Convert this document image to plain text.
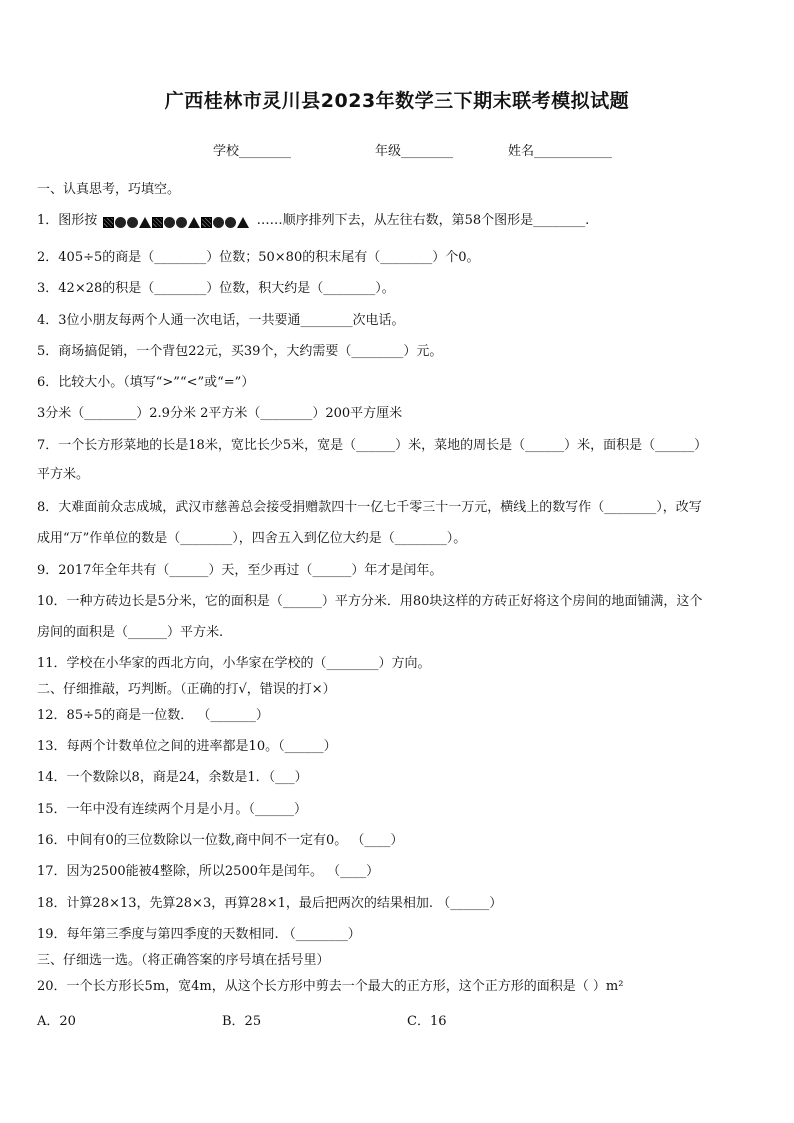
广西桂林市灵川县2023年数学三下期末联考模拟试题
学校________	年级________	姓名____________
一、认真思考，巧填空。
1．图形按	……顺序排列下去，从左往右数，第58个图形是________.
2．405÷5的商是（________）位数；50×80的积末尾有（________）个0。
3．42×28的积是（________）位数，积大约是（________）。
4．3位小朋友每两个人通一次电话，一共要通________次电话。
5．商场搞促销，一个背包22元，买39个，大约需要（________）元。
6．比较大小。（填写“>”“<”或“=”）
3分米（________）2.9分米 2平方米（________）200平方厘米
7．一个长方形菜地的长是18米，宽比长少5米，宽是（______）米，菜地的周长是（______）米，面积是（______）
平方米。
8．大难面前众志成城，武汉市慈善总会接受捐赠款四十一亿七千零三十一万元，横线上的数写作（________），改写
成用“万”作单位的数是（________），四舍五入到亿位大约是（________）。
9．2017年全年共有（______）天，至少再过（______）年才是闰年。
10．一种方砖边长是5分米，它的面积是（______）平方分米．用80块这样的方砖正好将这个房间的地面铺满，这个
房间的面积是（______）平方米.
11．学校在小华家的西北方向，小华家在学校的（________）方向。
二、仔细推敲，巧判断。（正确的打√，错误的打×）
12．85÷5的商是一位数． （_______）
13．每两个计数单位之间的进率都是10。（______）
14．一个数除以8，商是24，余数是1．（___）
15．一年中没有连续两个月是小月。（______）
16．中间有0的三位数除以一位数,商中间不一定有0。 （____）
17．因为2500能被4整除，所以2500年是闰年。 （____）
18．计算28×13，先算28×3，再算28×1，最后把两次的结果相加. （______）
19．每年第三季度与第四季度的天数相同. （________）
三、仔细选一选。（将正确答案的序号填在括号里）
20．一个长方形长5m，宽4m，从这个长方形中剪去一个最大的正方形，这个正方形的面积是（ ）m²
A．20	B．25	C．16
